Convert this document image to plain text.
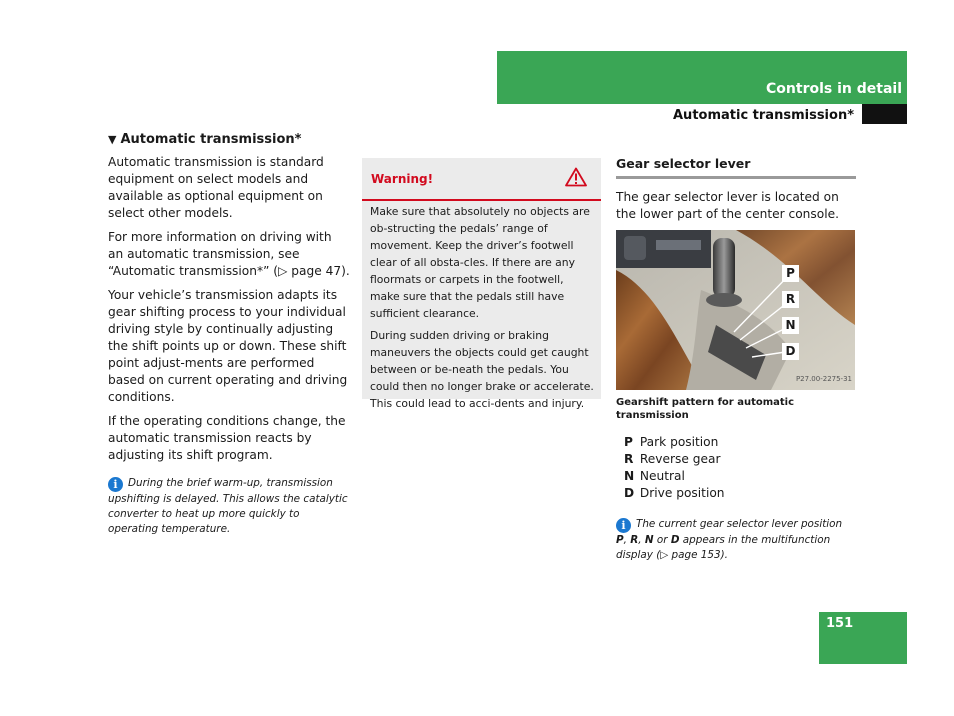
Controls in detail
Automatic transmission*
▼ Automatic transmission*

Automatic transmission is standard equipment on select models and available as optional equipment on select other models.

For more information on driving with an automatic transmission, see “Automatic transmission*” (▷ page 47).

Your vehicle’s transmission adapts its gear shifting process to your individual driving style by continually adjusting the shift points up or down. These shift point adjust-ments are performed based on current operating and driving conditions.

If the operating conditions change, the automatic transmission reacts by adjusting its shift program.

i During the brief warm-up, transmission upshifting is delayed. This allows the catalytic converter to heat up more quickly to operating temperature.
Warning!

Make sure that absolutely no objects are ob-structing the pedals’ range of movement. Keep the driver’s footwell clear of all obsta-cles. If there are any floormats or carpets in the footwell, make sure that the pedals still have sufficient clearance.

During sudden driving or braking maneuvers the objects could get caught between or be-neath the pedals. You could then no longer brake or accelerate. This could lead to acci-dents and injury.

Gear selector lever

The gear selector lever is located on the lower part of the center console.

P
R
N
D
P27.00-2275-31
Gearshift pattern for automatic transmission
P Park position
R Reverse gear
N Neutral
D Drive position
i The current gear selector lever position P, R, N or D appears in the multifunction display (▷ page 153).
151
